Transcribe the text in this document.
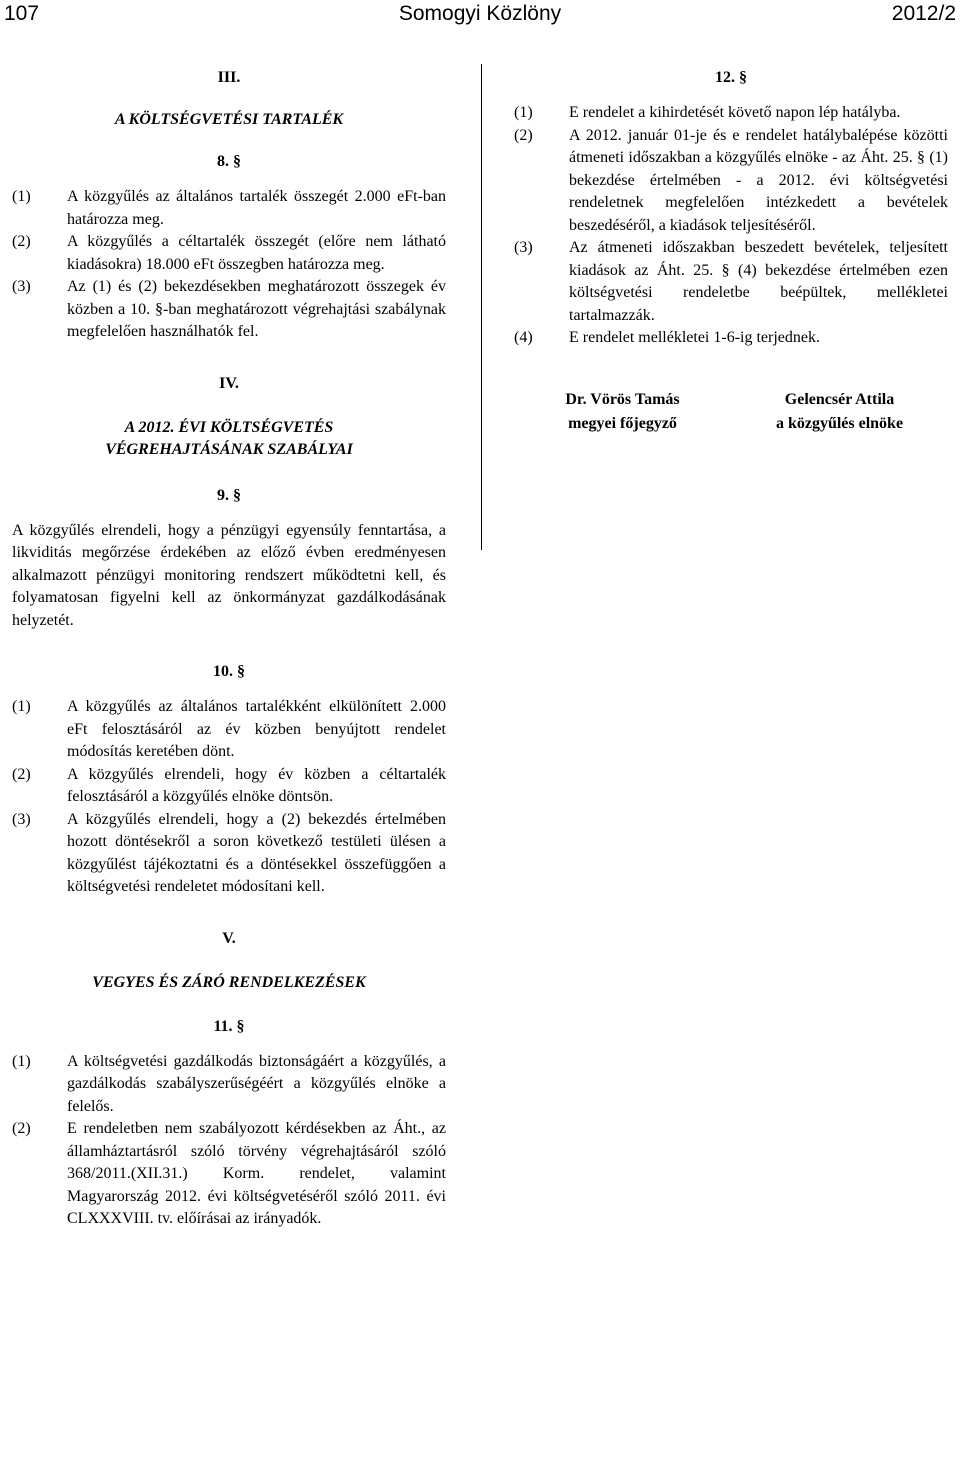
107	Somogyi Közlöny	2012/2
III.
A KÖLTSÉGVETÉSI TARTALÉK
8. §
(1)	A közgyűlés az általános tartalék összegét 2.000 eFt-ban határozza meg.
(2)	A közgyűlés a céltartalék összegét (előre nem látható kiadásokra) 18.000 eFt összegben határozza meg.
(3)	Az (1) és (2) bekezdésekben meghatározott összegek év közben a 10. §-ban meghatározott végrehajtási szabálynak megfelelően használhatók fel.
IV.
A 2012. ÉVI KÖLTSÉGVETÉS
VÉGREHAJTÁSÁNAK SZABÁLYAI
9. §

A közgyűlés elrendeli, hogy a pénzügyi egyensúly fenntartása, a likviditás megőrzése érdekében az előző évben eredményesen alkalmazott pénzügyi monitoring rendszert működtetni kell, és folyamatosan figyelni kell az önkormányzat gazdálkodásának helyzetét.

10. §
(1)	A közgyűlés az általános tartalékként elkülönített 2.000 eFt felosztásáról az év közben benyújtott rendelet módosítás keretében dönt.
(2)	A közgyűlés elrendeli, hogy év közben a céltartalék felosztásáról a közgyűlés elnöke döntsön.
(3)	A közgyűlés elrendeli, hogy a (2) bekezdés értelmében hozott döntésekről a soron következő testületi ülésen a közgyűlést tájékoztatni és a döntésekkel összefüggően a költségvetési rendeletet módosítani kell.
V.
VEGYES ÉS ZÁRÓ RENDELKEZÉSEK
11. §
(1)	A költségvetési gazdálkodás biztonságáért a közgyűlés, a gazdálkodás szabályszerűségéért a közgyűlés elnöke a felelős.
(2)	E rendeletben nem szabályozott kérdésekben az Áht., az államháztartásról szóló törvény végrehajtásáról szóló 368/2011.(XII.31.) Korm. rendelet, valamint Magyarország 2012. évi költségvetéséről szóló 2011. évi CLXXXVIII. tv. előírásai az irányadók.
12. §
(1)	E rendelet a kihirdetését követő napon lép hatályba.
(2)	A 2012. január 01-je és e rendelet hatálybalépése közötti átmeneti időszakban a közgyűlés elnöke - az Áht. 25. § (1) bekezdése értelmében - a 2012. évi költségvetési rendeletnek megfelelően intézkedett a bevételek beszedéséről, a kiadások teljesítéséről.
(3)	Az átmeneti időszakban beszedett bevételek, teljesített kiadások az Áht. 25. § (4) bekezdése értelmében ezen költségvetési rendeletbe beépültek, mellékletei tartalmazzák.
(4)	E rendelet mellékletei 1-6-ig terjednek.
Dr. Vörös Tamás
megyei főjegyző
Gelencsér Attila
a közgyűlés elnöke
